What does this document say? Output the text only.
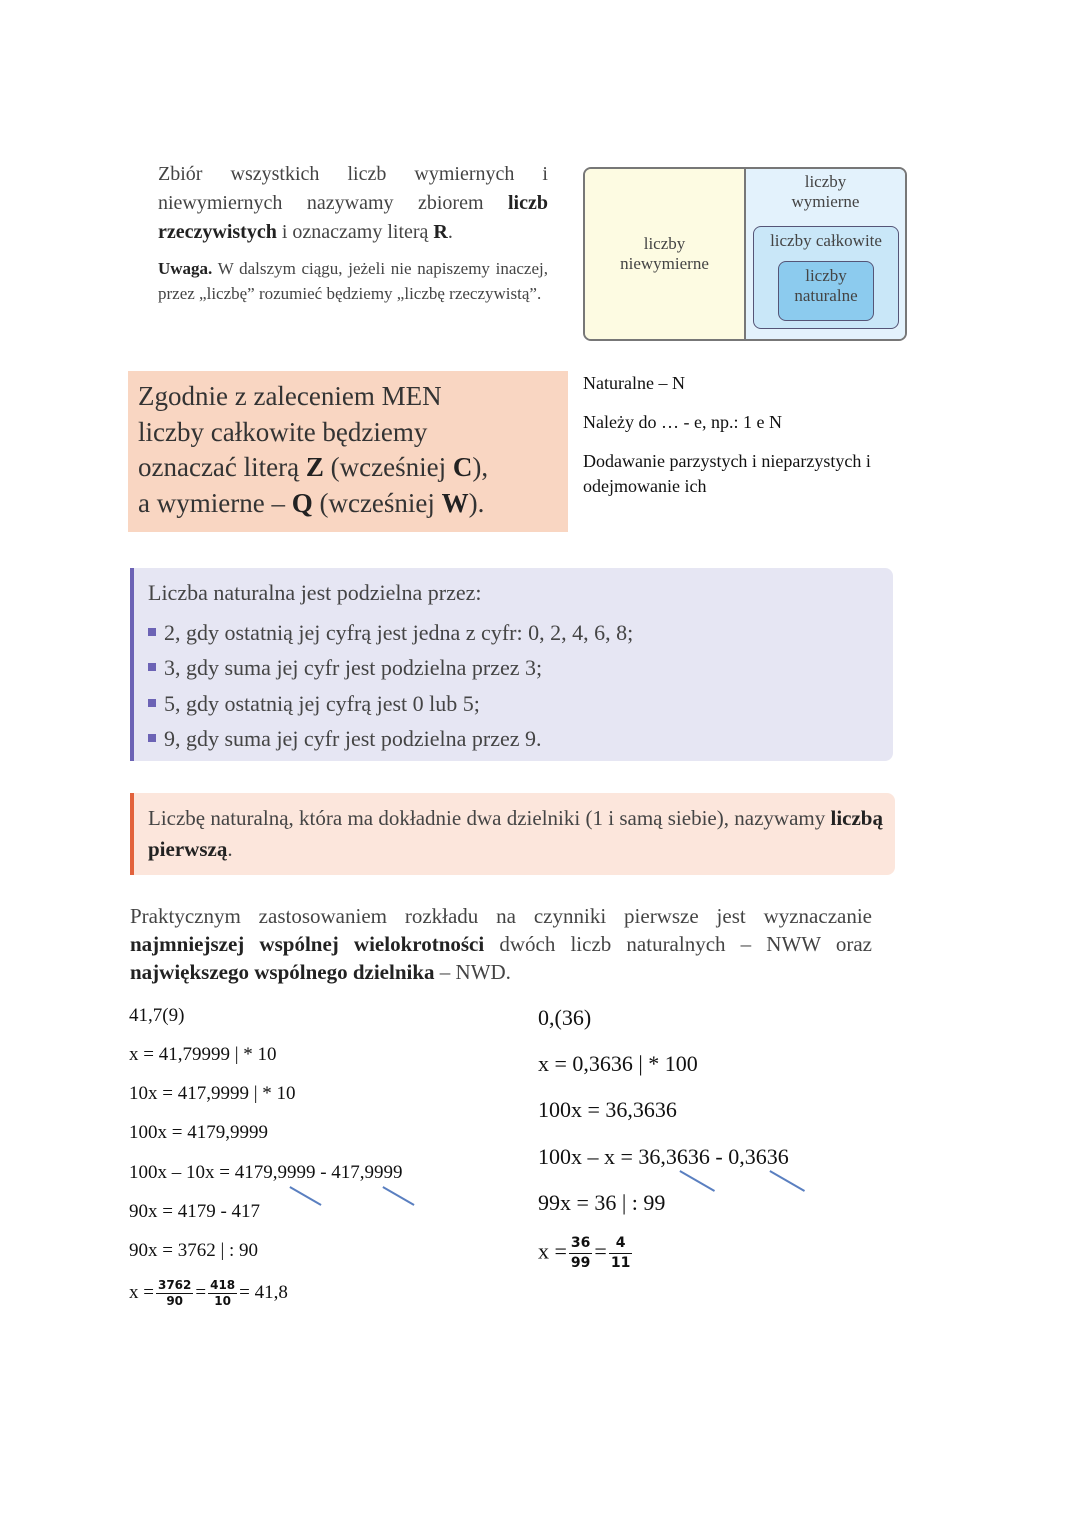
Zbiór wszystkich liczb wymiernych i niewymiernych nazywamy zbiorem liczb rzeczywistych i oznaczamy literą R.
Uwaga. W dalszym ciągu, jeżeli nie napiszemy inaczej, przez „liczbę” rozumieć będziemy „liczbę rzeczywistą”.
liczby niewymierne
liczby wymierne
liczby całkowite
liczby naturalne
Zgodnie z zaleceniem MEN
liczby całkowite będziemy
oznaczać literą Z (wcześniej C),
a wymierne – Q (wcześniej W).
Naturalne – N
Należy do … - e, np.: 1 e N
Dodawanie parzystych i nieparzystych i odejmowanie ich
Liczba naturalna jest podzielna przez:
2, gdy ostatnią jej cyfrą jest jedna z cyfr: 0, 2, 4, 6, 8;
3, gdy suma jej cyfr jest podzielna przez 3;
5, gdy ostatnią jej cyfrą jest 0 lub 5;
9, gdy suma jej cyfr jest podzielna przez 9.
Liczbę naturalną, która ma dokładnie dwa dzielniki (1 i samą siebie), nazywamy liczbą pierwszą.
Praktycznym zastosowaniem rozkładu na czynniki pierwsze jest wyznaczanie najmniejszej wspólnej wielokrotności dwóch liczb naturalnych – NWW oraz największego wspólnego dzielnika – NWD.
41,7(9)
x = 41,79999 | * 10
10x = 417,9999 | * 10
100x = 4179,9999
100x – 10x = 4179,9999 - 417,9999
90x = 4179 - 417
90x = 3762 | : 90
$x = \frac{3762}{90} = \frac{418}{10} = 41,8$
0,(36)
x = 0,3636 | * 100
100x = 36,3636
100x – x = 36,3636 - 0,3636
99x = 36 | : 99
$x = \frac{36}{99} = \frac{4}{11}$
